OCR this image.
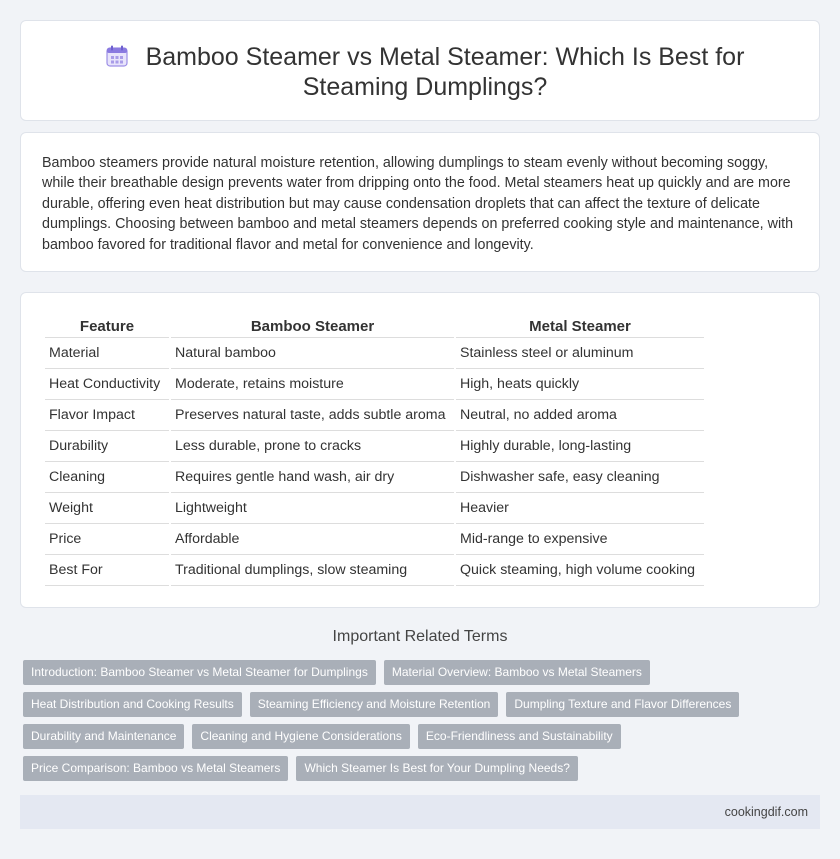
Bamboo Steamer vs Metal Steamer: Which Is Best for Steaming Dumplings?

Bamboo steamers provide natural moisture retention, allowing dumplings to steam evenly without becoming soggy, while their breathable design prevents water from dripping onto the food. Metal steamers heat up quickly and are more durable, offering even heat distribution but may cause condensation droplets that can affect the texture of delicate dumplings. Choosing between bamboo and metal steamers depends on preferred cooking style and maintenance, with bamboo favored for traditional flavor and metal for convenience and longevity.

Feature	Bamboo Steamer	Metal Steamer
Material	Natural bamboo	Stainless steel or aluminum
Heat Conductivity	Moderate, retains moisture	High, heats quickly
Flavor Impact	Preserves natural taste, adds subtle aroma	Neutral, no added aroma
Durability	Less durable, prone to cracks	Highly durable, long-lasting
Cleaning	Requires gentle hand wash, air dry	Dishwasher safe, easy cleaning
Weight	Lightweight	Heavier
Price	Affordable	Mid-range to expensive
Best For	Traditional dumplings, slow steaming	Quick steaming, high volume cooking
Important Related Terms
Introduction: Bamboo Steamer vs Metal Steamer for Dumplings	Material Overview: Bamboo vs Metal Steamers
Heat Distribution and Cooking Results	Steaming Efficiency and Moisture Retention	Dumpling Texture and Flavor Differences
Durability and Maintenance	Cleaning and Hygiene Considerations	Eco-Friendliness and Sustainability
Price Comparison: Bamboo vs Metal Steamers	Which Steamer Is Best for Your Dumpling Needs?
cookingdif.com
